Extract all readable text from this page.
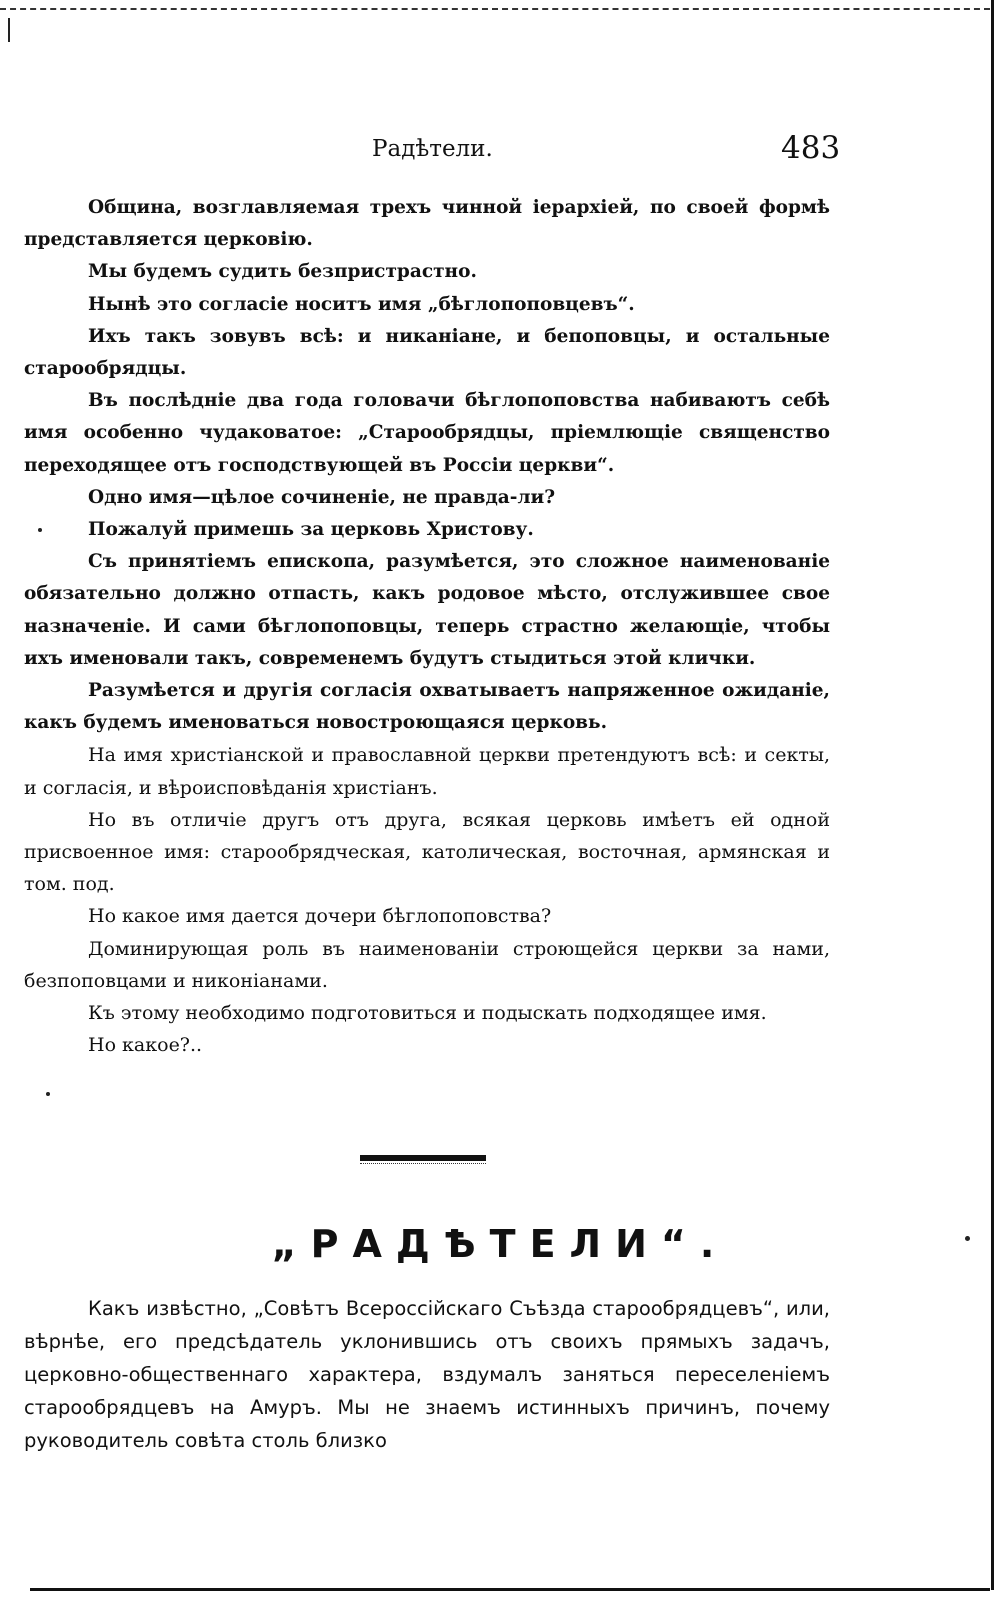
Радѣтели.	483

Община, возглавляемая трехъ чинной іерархіей, по своей формѣ представляется церковію.

Мы будемъ судить безпристрастно.

Нынѣ это согласіе носитъ имя „бѣглопоповцевъ“.

Ихъ такъ зовувъ всѣ: и никаніане, и бепоповцы, и остальные старообрядцы.

Въ послѣдніе два года головачи бѣглопоповства набиваютъ себѣ имя особенно чудаковатое: „Старообрядцы, пріемлющіе священство переходящее отъ господствующей въ Россіи церкви“.

Одно имя—цѣлое сочиненіе, не правда-ли?

Пожалуй примешь за церковь Христову.

Съ принятіемъ епископа, разумѣется, это сложное наименованіе обязательно должно отпасть, какъ родовое мѣсто, отслужившее свое назначеніе. И сами бѣглопоповцы, теперь страстно желающіе, чтобы ихъ именовали такъ, современемъ будутъ стыдиться этой клички.

Разумѣется и другія согласія охватываетъ напряженное ожиданіе, какъ будемъ именоваться новостроющаяся церковь.

На имя христіанской и православной церкви претендуютъ всѣ: и секты, и согласія, и вѣроисповѣданія христіанъ.

Но въ отличіе другъ отъ друга, всякая церковь имѣетъ ей одной присвоенное имя: старообрядческая, католическая, восточная, армянская и том. под.

Но какое имя дается дочери бѣглопоповства?

Доминирующая роль въ наименованіи строющейся церкви за нами, безпоповцами и никоніанами.

Къ этому необходимо подготовиться и подыскать подходящее имя.

Но какое?..

„РАДѢТЕЛИ“.

Какъ извѣстно, „Совѣтъ Всероссійскаго Съѣзда старообрядцевъ“, или, вѣрнѣе, его предсѣдатель уклонившись отъ своихъ прямыхъ задачъ, церковно-общественнаго характера, вздумалъ заняться переселеніемъ старообрядцевъ на Амуръ. Мы не знаемъ истинныхъ причинъ, почему руководитель совѣта столь близко
